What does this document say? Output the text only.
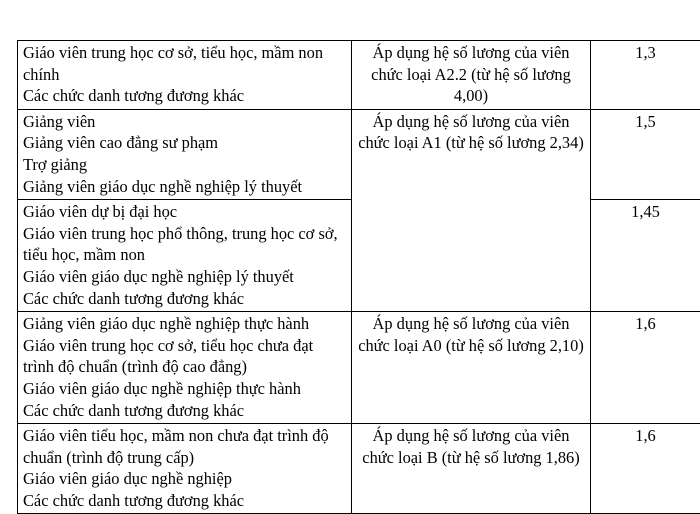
Giáo viên trung học cơ sở, tiểu học, mầm non chính
Các chức danh tương đương khác	Áp dụng hệ số lương của viên chức loại A2.2 (từ hệ số lương 4,00)	1,3

Giảng viên
Giảng viên cao đẳng sư phạm
Trợ giảng
Giảng viên giáo dục nghề nghiệp lý thuyết	Áp dụng hệ số lương của viên chức loại A1 (từ hệ số lương 2,34)	1,5

Giáo viên dự bị đại học
Giáo viên trung học phổ thông, trung học cơ sở, tiểu học, mầm non
Giáo viên giáo dục nghề nghiệp lý thuyết
Các chức danh tương đương khác		1,45

Giảng viên giáo dục nghề nghiệp thực hành
Giáo viên trung học cơ sở, tiểu học chưa đạt trình độ chuẩn (trình độ cao đẳng)
Giáo viên giáo dục nghề nghiệp thực hành
Các chức danh tương đương khác	Áp dụng hệ số lương của viên chức loại A0 (từ hệ số lương 2,10)	1,6

Giáo viên tiểu học, mầm non chưa đạt trình độ chuẩn (trình độ trung cấp)
Giáo viên giáo dục nghề nghiệp
Các chức danh tương đương khác	Áp dụng hệ số lương của viên chức loại B (từ hệ số lương 1,86)	1,6
